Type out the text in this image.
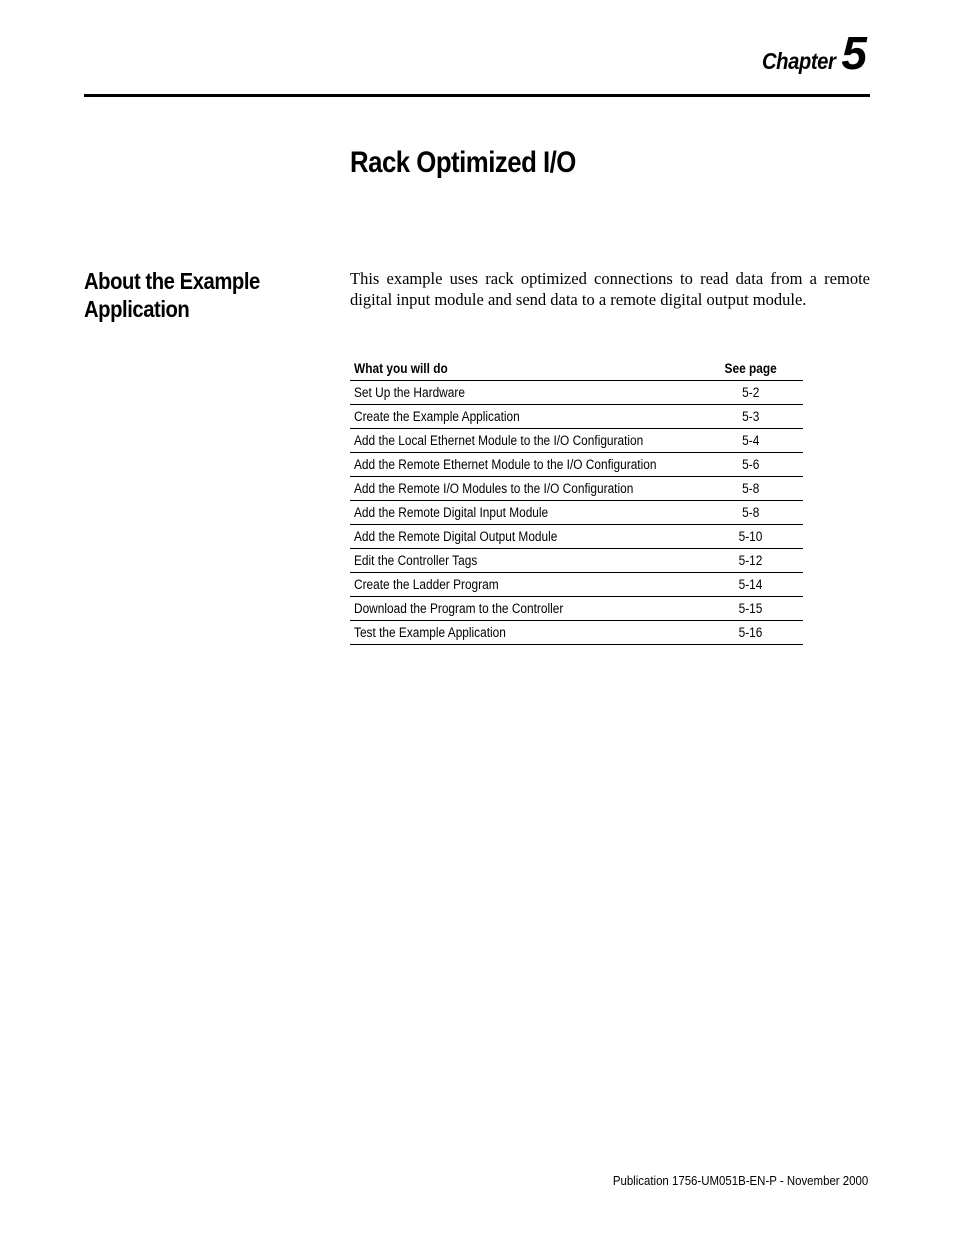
Chapter 5
Rack Optimized I/O
About the Example
Application

This example uses rack optimized connections to read data from a remote digital input module and send data to a remote digital output module.

What you will do	See page
Set Up the Hardware	5-2
Create the Example Application	5-3
Add the Local Ethernet Module to the I/O Configuration	5-4
Add the Remote Ethernet Module to the I/O Configuration	5-6
Add the Remote I/O Modules to the I/O Configuration	5-8
Add the Remote Digital Input Module	5-8
Add the Remote Digital Output Module	5-10
Edit the Controller Tags	5-12
Create the Ladder Program	5-14
Download the Program to the Controller	5-15
Test the Example Application	5-16
Publication 1756-UM051B-EN-P - November 2000
